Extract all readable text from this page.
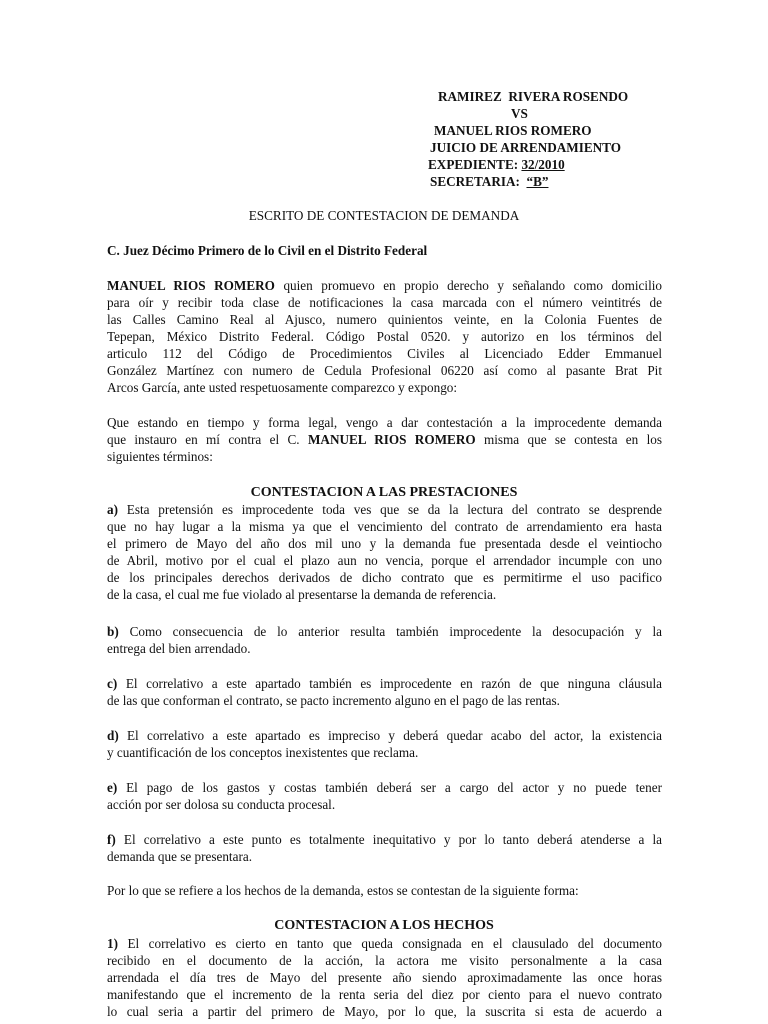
RAMIREZ  RIVERA ROSENDO
VS
MANUEL RIOS ROMERO
JUICIO DE ARRENDAMIENTO
EXPEDIENTE: 32/2010
SECRETARIA:  “B”
ESCRITO DE CONTESTACION DE DEMANDA
C. Juez Décimo Primero de lo Civil en el Distrito Federal
MANUEL RIOS ROMERO quien promuevo en propio derecho y señalando como domicilio
para oír y recibir toda clase de notificaciones la casa marcada con el número veintitrés de
las Calles Camino Real al Ajusco, numero quinientos veinte, en la Colonia Fuentes de
Tepepan, México Distrito Federal. Código Postal 0520. y autorizo en los términos del
articulo 112 del Código de Procedimientos Civiles al Licenciado Edder Emmanuel
González Martínez con numero de Cedula Profesional 06220 así como al pasante Brat Pit
Arcos García, ante usted respetuosamente comparezco y expongo:
Que estando en tiempo y forma legal, vengo a dar contestación a la improcedente demanda
que instauro en mí contra el C. MANUEL RIOS ROMERO misma que se contesta en los
siguientes términos:
CONTESTACION A LAS PRESTACIONES
a) Esta pretensión es improcedente toda ves que se da la lectura del contrato se desprende
que no hay lugar a la misma ya que el vencimiento del contrato de arrendamiento era hasta
el primero de Mayo del año dos mil uno y la demanda fue presentada desde el veintiocho
de Abril, motivo por el cual el plazo aun no vencia, porque el arrendador incumple con uno
de los principales derechos derivados de dicho contrato que es permitirme el uso pacifico
de la casa, el cual me fue violado al presentarse la demanda de referencia.
b) Como consecuencia de lo anterior resulta también improcedente la desocupación y la
entrega del bien arrendado.
c) El correlativo a este apartado también es improcedente en razón de que ninguna cláusula
de las que conforman el contrato, se pacto incremento alguno en el pago de las rentas.
d) El correlativo a este apartado es impreciso y deberá quedar acabo del actor, la existencia
y cuantificación de los conceptos inexistentes que reclama.
e) El pago de los gastos y costas también deberá ser a cargo del actor y no puede tener
acción por ser dolosa su conducta procesal.
f) El correlativo a este punto es totalmente inequitativo y por lo tanto deberá atenderse a la
demanda que se presentara.
Por lo que se refiere a los hechos de la demanda, estos se contestan de la siguiente forma:
CONTESTACION A LOS HECHOS
1) El correlativo es cierto en tanto que queda consignada en el clausulado del documento
recibido en el documento de la acción, la actora me visito personalmente a la casa
arrendada el día tres de Mayo del presente año siendo aproximadamente las once horas
manifestando que el incremento de la renta seria del diez por ciento para el nuevo contrato
lo cual seria a partir del primero de Mayo, por lo que, la suscrita si esta de acuerdo a
